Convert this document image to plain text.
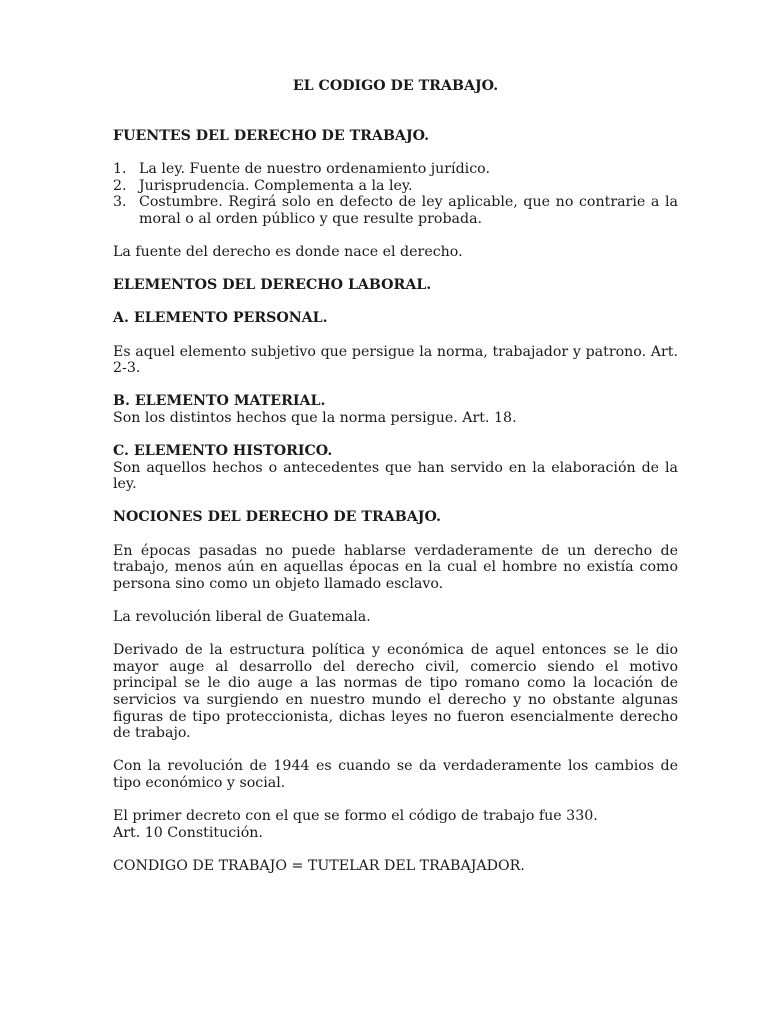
EL CODIGO DE TRABAJO.

FUENTES DEL DERECHO DE TRABAJO.

1. La ley. Fuente de nuestro ordenamiento jurídico.
2. Jurisprudencia. Complementa a la ley.
3. Costumbre. Regirá solo en defecto de ley aplicable, que no contrarie a la moral o al orden público y que resulte probada.

La fuente del derecho es donde nace el derecho.

ELEMENTOS DEL DERECHO LABORAL.

A. ELEMENTO PERSONAL.

Es aquel elemento subjetivo que persigue la norma, trabajador y patrono. Art. 2-3.

B. ELEMENTO MATERIAL.

Son los distintos hechos que la norma persigue. Art. 18.

C. ELEMENTO HISTORICO.

Son aquellos hechos o antecedentes que han servido en la elaboración de la ley.

NOCIONES DEL DERECHO DE TRABAJO.

En épocas pasadas no puede hablarse verdaderamente de un derecho de trabajo, menos aún en aquellas épocas en la cual el hombre no existía como persona sino como un objeto llamado esclavo.

La revolución liberal de Guatemala.

Derivado de la estructura política y económica de aquel entonces se le dio mayor auge al desarrollo del derecho civil, comercio siendo el motivo principal se le dio auge a las normas de tipo romano como la locación de servicios va surgiendo en nuestro mundo el derecho y no obstante algunas figuras de tipo proteccionista, dichas leyes no fueron esencialmente derecho de trabajo.

Con la revolución de 1944 es cuando se da verdaderamente los cambios de tipo económico y social.

El primer decreto con el que se formo el código de trabajo fue 330.

Art. 10 Constitución.

CONDIGO DE TRABAJO = TUTELAR DEL TRABAJADOR.
